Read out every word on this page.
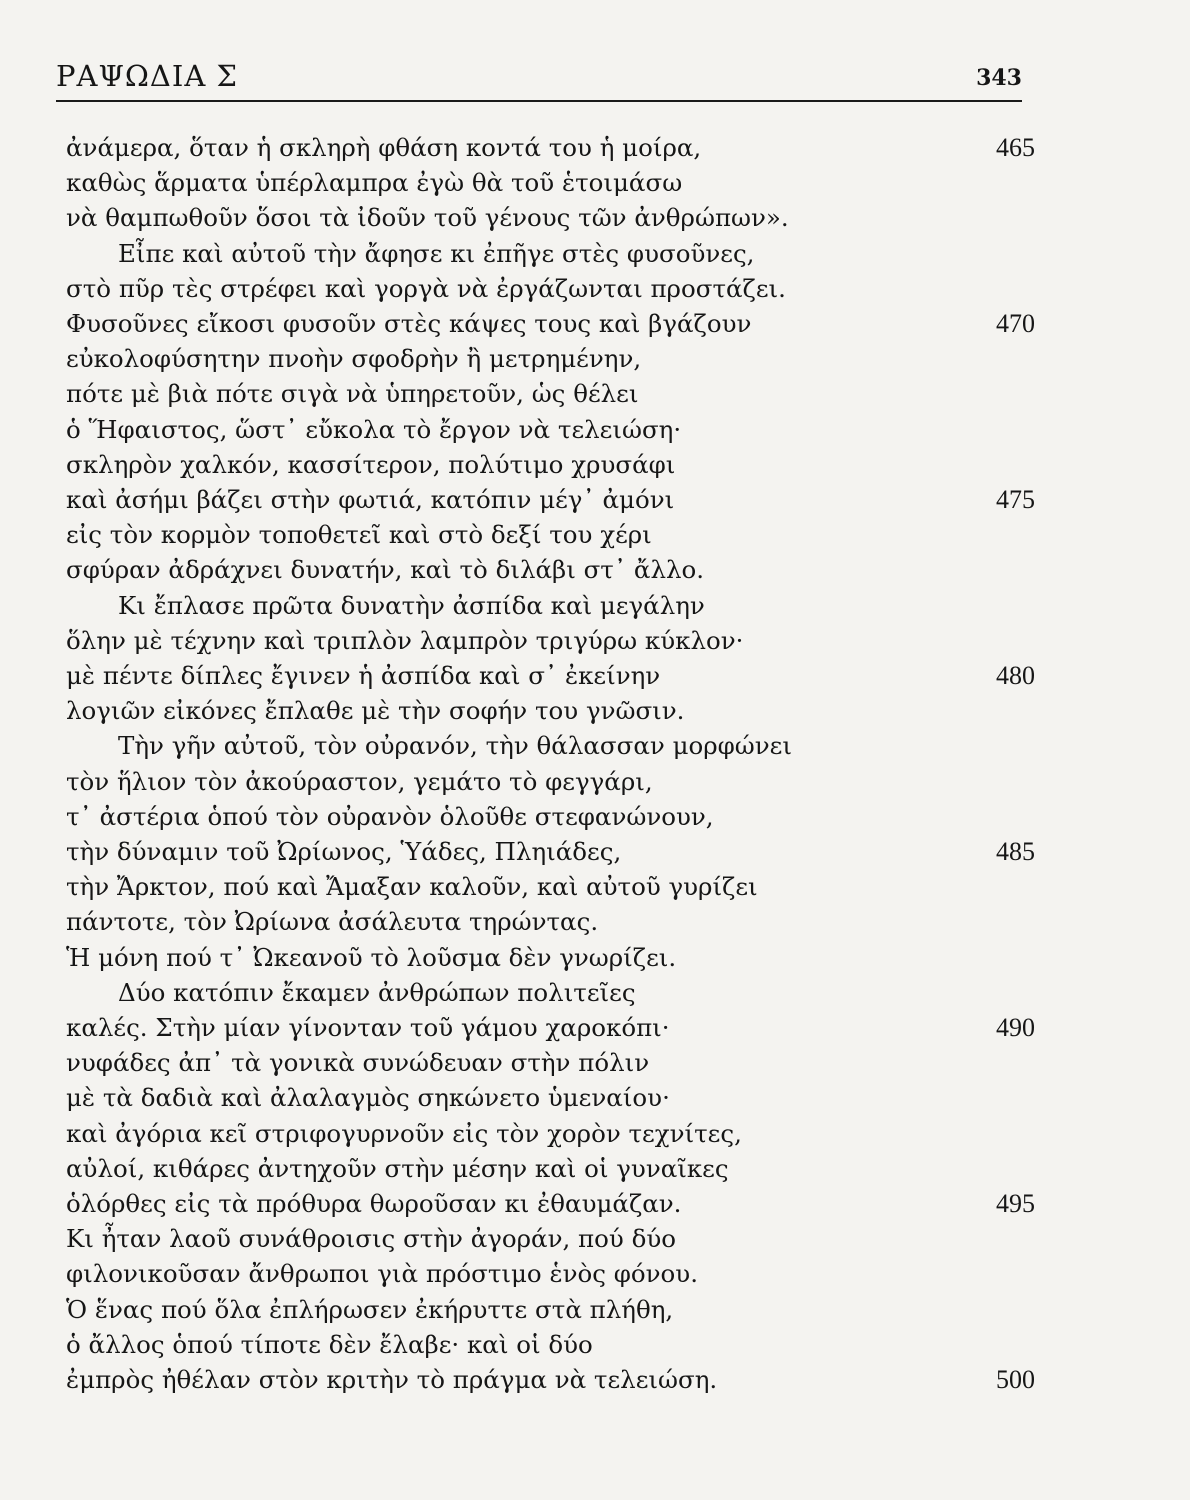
ΡΑΨΩΔΙΑ Σ	343
ἀνάμερα, ὅταν ἡ σκληρὴ φθάση κοντά του ἡ μοίρα,	465
καθὼς ἅρματα ὑπέρλαμπρα ἐγὼ θὰ τοῦ ἑτοιμάσω
νὰ θαμπωθοῦν ὅσοι τὰ ἰδοῦν τοῦ γένους τῶν ἀνθρώπων».
Εἶπε καὶ αὐτοῦ τὴν ἄφησε κι ἐπῆγε στὲς φυσοῦνες,
στὸ πῦρ τὲς στρέφει καὶ γοργὰ νὰ ἐργάζωνται προστάζει.
Φυσοῦνες εἴκοσι φυσοῦν στὲς κάψες τους καὶ βγάζουν	470
εὐκολοφύσητην πνοὴν σφοδρὴν ἢ μετρημένην,
πότε μὲ βιὰ πότε σιγὰ νὰ ὑπηρετοῦν, ὡς θέλει
ὁ Ἥφαιστος, ὥστ᾽ εὔκολα τὸ ἔργον νὰ τελειώση·
σκληρὸν χαλκόν, κασσίτερον, πολύτιμο χρυσάφι
καὶ ἀσήμι βάζει στὴν φωτιά, κατόπιν μέγ᾽ ἀμόνι	475
εἰς τὸν κορμὸν τοποθετεῖ καὶ στὸ δεξί του χέρι
σφύραν ἀδράχνει δυνατήν, καὶ τὸ διλάβι στ᾽ ἄλλο.
Κι ἔπλασε πρῶτα δυνατὴν ἀσπίδα καὶ μεγάλην
ὅλην μὲ τέχνην καὶ τριπλὸν λαμπρὸν τριγύρω κύκλον·
μὲ πέντε δίπλες ἔγινεν ἡ ἀσπίδα καὶ σ᾽ ἐκείνην	480
λογιῶν εἰκόνες ἔπλαθε μὲ τὴν σοφήν του γνῶσιν.
Τὴν γῆν αὐτοῦ, τὸν οὐρανόν, τὴν θάλασσαν μορφώνει
τὸν ἥλιον τὸν ἀκούραστον, γεμάτο τὸ φεγγάρι,
τ᾽ ἀστέρια ὁπού τὸν οὐρανὸν ὁλοῦθε στεφανώνουν,
τὴν δύναμιν τοῦ Ὠρίωνος, Ὑάδες, Πληιάδες,	485
τὴν Ἄρκτον, πού καὶ Ἄμαξαν καλοῦν, καὶ αὐτοῦ γυρίζει
πάντοτε, τὸν Ὠρίωνα ἀσάλευτα τηρώντας.
Ἡ μόνη πού τ᾽ Ὠκεανοῦ τὸ λοῦσμα δὲν γνωρίζει.
Δύο κατόπιν ἔκαμεν ἀνθρώπων πολιτεῖες
καλές. Στὴν μίαν γίνονταν τοῦ γάμου χαροκόπι·	490
νυφάδες ἀπ᾽ τὰ γονικὰ συνώδευαν στὴν πόλιν
μὲ τὰ δαδιὰ καὶ ἀλαλαγμὸς σηκώνετο ὑμεναίου·
καὶ ἀγόρια κεῖ στριφογυρνοῦν εἰς τὸν χορὸν τεχνίτες,
αὐλοί, κιθάρες ἀντηχοῦν στὴν μέσην καὶ οἱ γυναῖκες
ὁλόρθες εἰς τὰ πρόθυρα θωροῦσαν κι ἐθαυμάζαν.	495
Κι ἦταν λαοῦ συνάθροισις στὴν ἀγοράν, πού δύο
φιλονικοῦσαν ἄνθρωποι γιὰ πρόστιμο ἑνὸς φόνου.
Ὁ ἕνας πού ὅλα ἐπλήρωσεν ἐκήρυττε στὰ πλήθη,
ὁ ἄλλος ὁπού τίποτε δὲν ἔλαβε· καὶ οἱ δύο
ἐμπρὸς ἠθέλαν στὸν κριτὴν τὸ πράγμα νὰ τελειώση.	500
